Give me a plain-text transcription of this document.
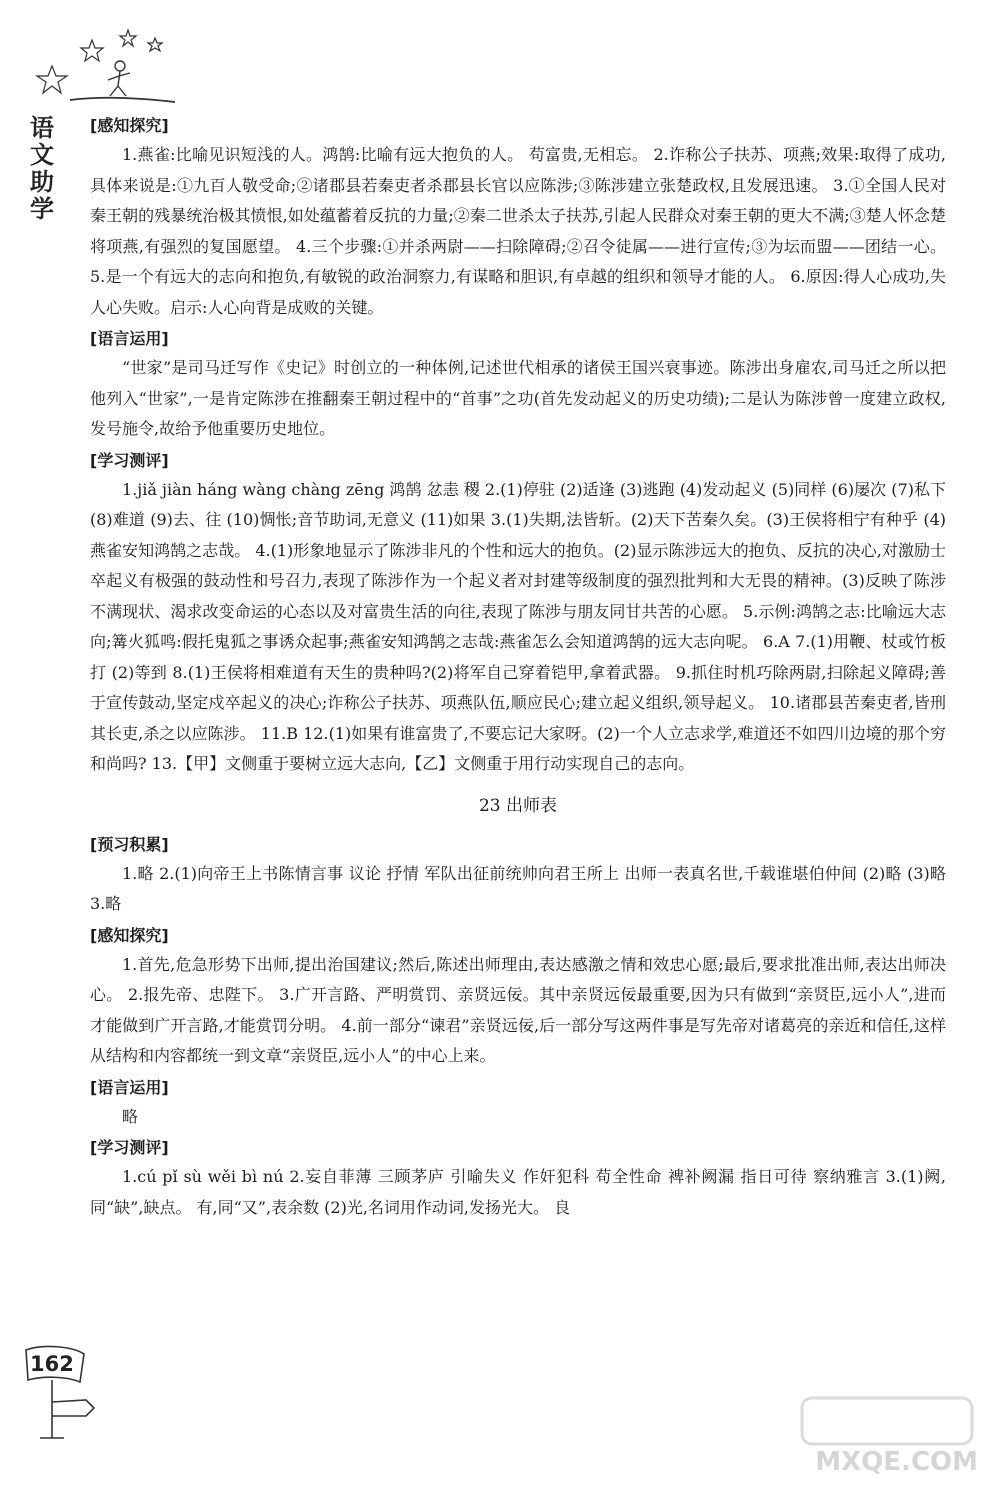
语
文
助
学
[感知探究]

1.燕雀:比喻见识短浅的人。鸿鹄:比喻有远大抱负的人。 苟富贵,无相忘。 2.诈称公子扶苏、项燕;效果:取得了成功,具体来说是:①九百人敬受命;②诸郡县若秦吏者杀郡县长官以应陈涉;③陈涉建立张楚政权,且发展迅速。 3.①全国人民对秦王朝的残暴统治极其愤恨,如处蕴蓄着反抗的力量;②秦二世杀太子扶苏,引起人民群众对秦王朝的更大不满;③楚人怀念楚将项燕,有强烈的复国愿望。 4.三个步骤:①并杀两尉——扫除障碍;②召令徒属——进行宣传;③为坛而盟——团结一心。 5.是一个有远大的志向和抱负,有敏锐的政治洞察力,有谋略和胆识,有卓越的组织和领导才能的人。 6.原因:得人心成功,失人心失败。启示:人心向背是成败的关键。

[语言运用]

“世家”是司马迁写作《史记》时创立的一种体例,记述世代相承的诸侯王国兴衰事迹。陈涉出身雇农,司马迁之所以把他列入“世家”,一是肯定陈涉在推翻秦王朝过程中的“首事”之功(首先发动起义的历史功绩);二是认为陈涉曾一度建立政权,发号施令,故给予他重要历史地位。

[学习测评]

1.jiǎ jiàn háng wàng chàng zēng 鸿鹄 忿恚 稷 2.(1)停驻 (2)适逢 (3)逃跑 (4)发动起义 (5)同样 (6)屡次 (7)私下 (8)难道 (9)去、往 (10)惆怅;音节助词,无意义 (11)如果 3.(1)失期,法皆斩。(2)天下苦秦久矣。(3)王侯将相宁有种乎 (4)燕雀安知鸿鹄之志哉。 4.(1)形象地显示了陈涉非凡的个性和远大的抱负。(2)显示陈涉远大的抱负、反抗的决心,对激励士卒起义有极强的鼓动性和号召力,表现了陈涉作为一个起义者对封建等级制度的强烈批判和大无畏的精神。(3)反映了陈涉不满现状、渴求改变命运的心态以及对富贵生活的向往,表现了陈涉与朋友同甘共苦的心愿。 5.示例:鸿鹄之志:比喻远大志向;篝火狐鸣:假托鬼狐之事诱众起事;燕雀安知鸿鹄之志哉:燕雀怎么会知道鸿鹄的远大志向呢。 6.A 7.(1)用鞭、杖或竹板打 (2)等到 8.(1)王侯将相难道有天生的贵种吗?(2)将军自己穿着铠甲,拿着武器。 9.抓住时机巧除两尉,扫除起义障碍;善于宣传鼓动,坚定戍卒起义的决心;诈称公子扶苏、项燕队伍,顺应民心;建立起义组织,领导起义。 10.诸郡县苦秦吏者,皆刑其长吏,杀之以应陈涉。 11.B 12.(1)如果有谁富贵了,不要忘记大家呀。(2)一个人立志求学,难道还不如四川边境的那个穷和尚吗? 13.【甲】文侧重于要树立远大志向,【乙】文侧重于用行动实现自己的志向。

23 出师表
[预习积累]

1.略 2.(1)向帝王上书陈情言事 议论 抒情 军队出征前统帅向君王所上 出师一表真名世,千载谁堪伯仲间 (2)略 (3)略 3.略

[感知探究]

1.首先,危急形势下出师,提出治国建议;然后,陈述出师理由,表达感激之情和效忠心愿;最后,要求批准出师,表达出师决心。 2.报先帝、忠陛下。 3.广开言路、严明赏罚、亲贤远佞。其中亲贤远佞最重要,因为只有做到“亲贤臣,远小人”,进而才能做到广开言路,才能赏罚分明。 4.前一部分“谏君”亲贤远佞,后一部分写这两件事是写先帝对诸葛亮的亲近和信任,这样从结构和内容都统一到文章“亲贤臣,远小人”的中心上来。

[语言运用]

略

[学习测评]

1.cú pǐ sù wěi bì nú 2.妄自菲薄 三顾茅庐 引喻失义 作奸犯科 苟全性命 裨补阙漏 指日可待 察纳雅言 3.(1)阙,同“缺”,缺点。 有,同“又”,表余数 (2)光,名词用作动词,发扬光大。 良

162
MXQE.COM
